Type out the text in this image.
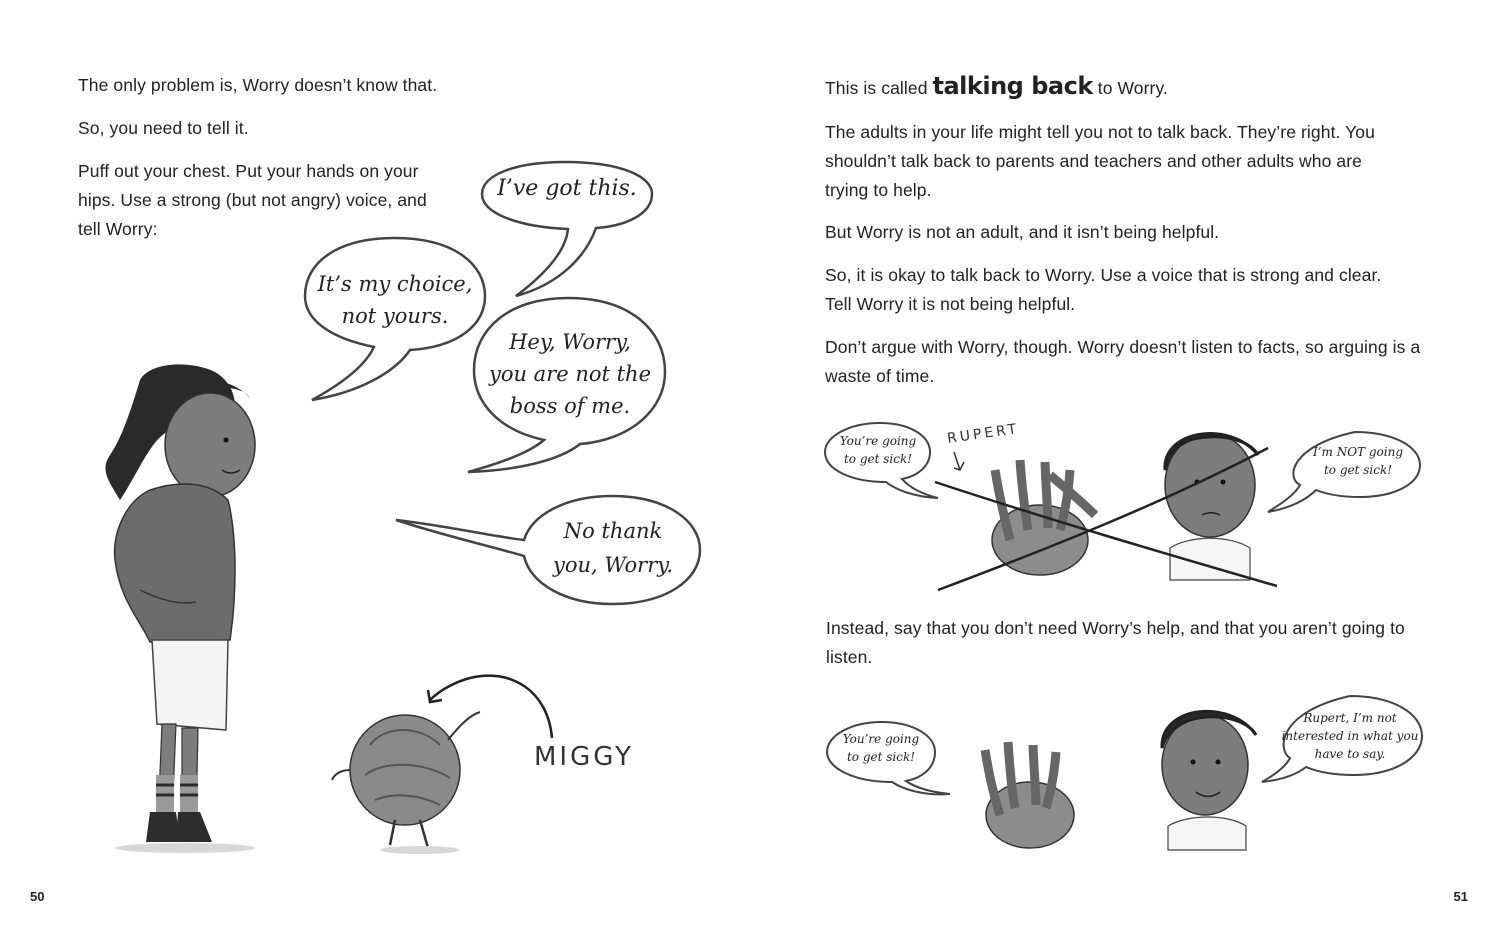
The only problem is, Worry doesn’t know that.

So, you need to tell it.

Puff out your chest. Put your hands on your hips. Use a strong (but not angry) voice, and tell Worry:

I’ve got this.
It’s my choice,
not yours.
Hey, Worry,
you are not the
boss of me.
No thank
you, Worry.
MIGGY
50

This is called talking back to Worry.

The adults in your life might tell you not to talk back. They’re right. You shouldn’t talk back to parents and teachers and other adults who are trying to help.

But Worry is not an adult, and it isn’t being helpful.

So, it is okay to talk back to Worry. Use a voice that is strong and clear. Tell Worry it is not being helpful.

Don’t argue with Worry, though. Worry doesn’t listen to facts, so arguing is a waste of time.

Instead, say that you don’t need Worry’s help, and that you aren’t going to listen.

You’re going
to get sick!	I’m NOT going
to get sick!
RUPERT
You’re going
to get sick!
Rupert, I’m not
interested in what you
have to say.
51
